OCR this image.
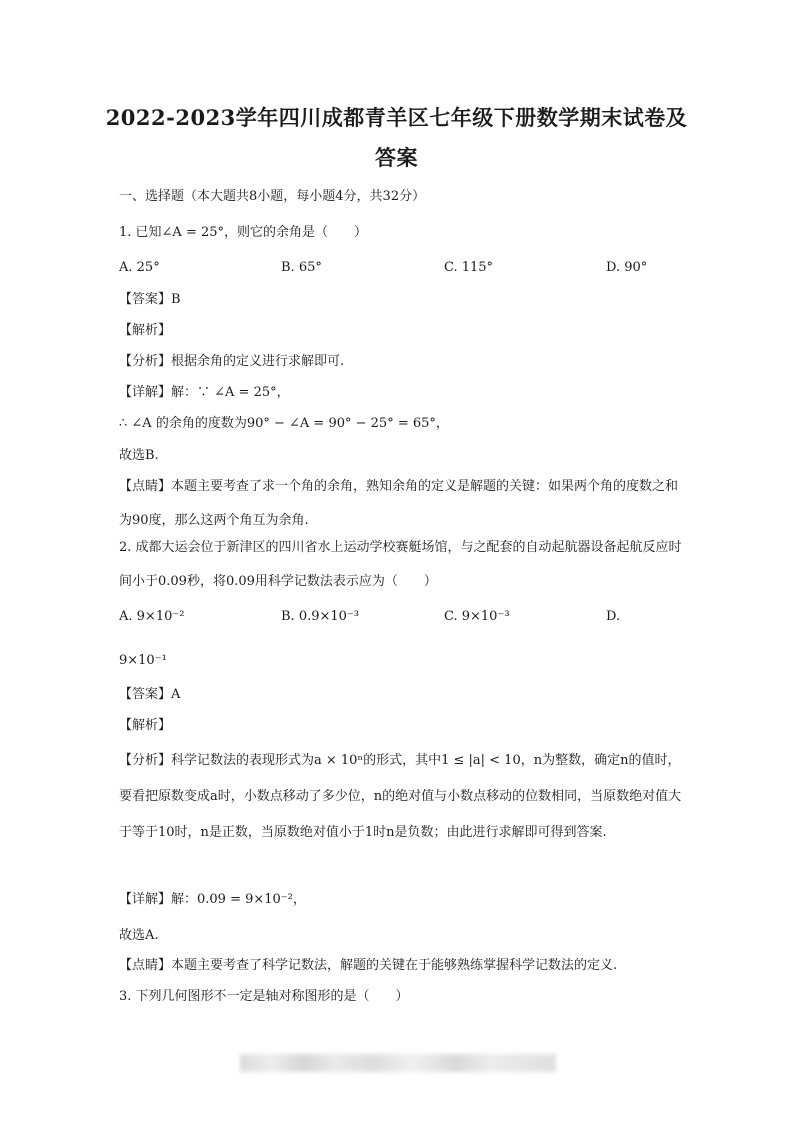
2022-2023学年四川成都青羊区七年级下册数学期末试卷及
答案
一、选择题（本大题共8小题，每小题4分，共32分）
1. 已知∠A = 25°，则它的余角是（　　）
A. 25°	B. 65°	C. 115°	D. 90°
【答案】B
【解析】
【分析】根据余角的定义进行求解即可.
【详解】解：∵ ∠A = 25°，
∴ ∠A 的余角的度数为90° − ∠A = 90° − 25° = 65°，
故选B.
【点睛】本题主要考查了求一个角的余角，熟知余角的定义是解题的关键：如果两个角的度数之和为90度，那么这两个角互为余角.
2. 成都大运会位于新津区的四川省水上运动学校赛艇场馆，与之配套的自动起航器设备起航反应时间小于0.09秒，将0.09用科学记数法表示应为（　　）
A. 9×10⁻²	B. 0.9×10⁻³	C. 9×10⁻³	D.
9×10⁻¹
【答案】A
【解析】
【分析】科学记数法的表现形式为a × 10ⁿ的形式，其中1 ≤ |a| < 10，n为整数，确定n的值时，要看把原数变成a时，小数点移动了多少位，n的绝对值与小数点移动的位数相同，当原数绝对值大于等于10时，n是正数，当原数绝对值小于1时n是负数；由此进行求解即可得到答案.
【详解】解：0.09 = 9×10⁻²，
故选A.
【点睛】本题主要考查了科学记数法，解题的关键在于能够熟练掌握科学记数法的定义.
3. 下列几何图形不一定是轴对称图形的是（　　）
